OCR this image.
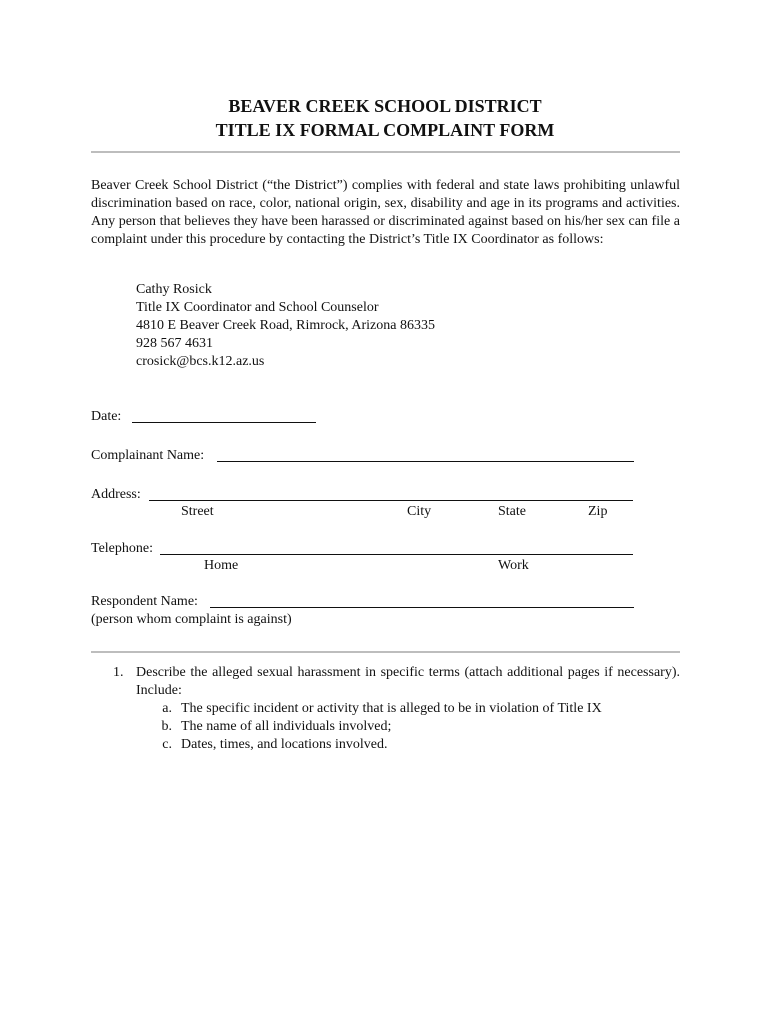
BEAVER CREEK SCHOOL DISTRICT
TITLE IX FORMAL COMPLAINT FORM
Beaver Creek School District (“the District”) complies with federal and state laws prohibiting unlawful discrimination based on race, color, national origin, sex, disability and age in its programs and activities. Any person that believes they have been harassed or discriminated against based on his/her sex can file a complaint under this procedure by contacting the District’s Title IX Coordinator as follows:
Cathy Rosick
Title IX Coordinator and School Counselor
4810 E Beaver Creek Road, Rimrock, Arizona 86335
928 567 4631
crosick@bcs.k12.az.us
Date:
Complainant Name:
Address:
Street	City	State	Zip
Telephone:
Home	Work
Respondent Name:
(person whom complaint is against)
1. Describe the alleged sexual harassment in specific terms (attach additional pages if necessary). Include:
a. The specific incident or activity that is alleged to be in violation of Title IX
b. The name of all individuals involved;
c. Dates, times, and locations involved.
